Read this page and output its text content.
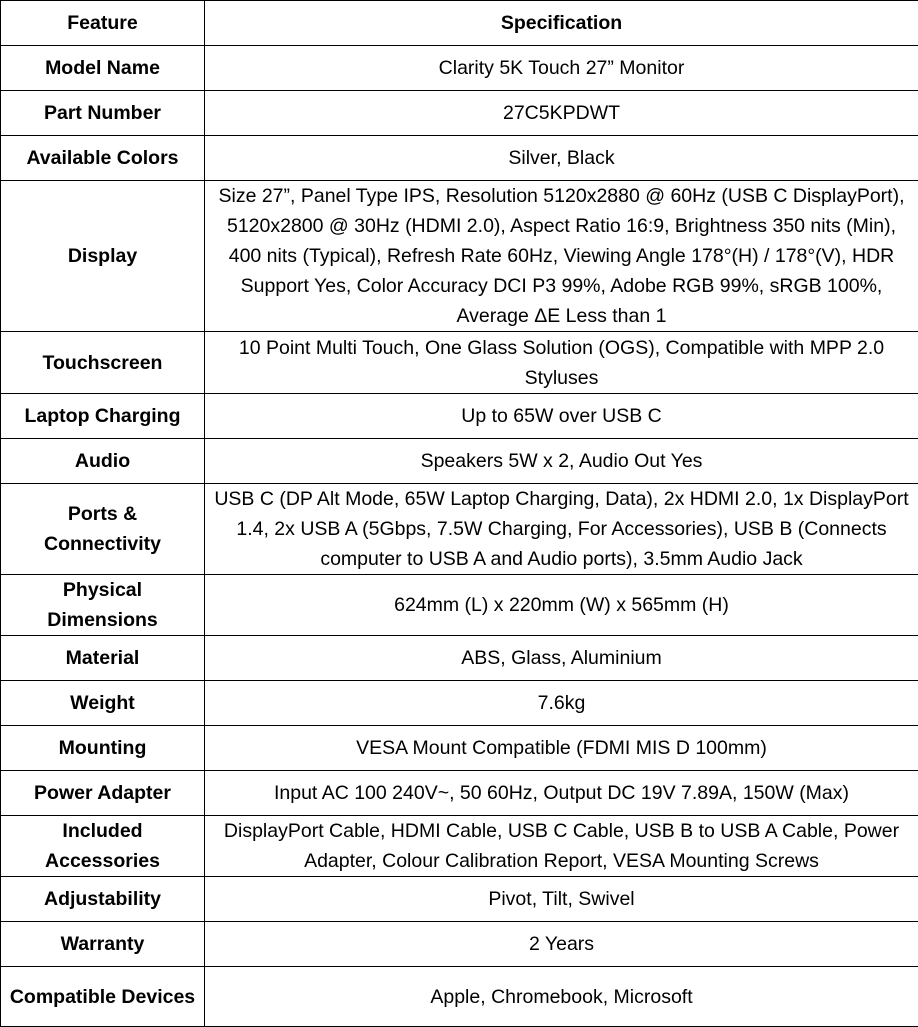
Feature	Specification
Model Name	Clarity 5K Touch 27” Monitor
Part Number	27C5KPDWT
Available Colors	Silver, Black
Display	Size 27”, Panel Type IPS, Resolution 5120x2880 @ 60Hz (USB C DisplayPort), 5120x2800 @ 30Hz (HDMI 2.0), Aspect Ratio 16:9, Brightness 350 nits (Min), 400 nits (Typical), Refresh Rate 60Hz, Viewing Angle 178°(H) / 178°(V), HDR Support Yes, Color Accuracy DCI P3 99%, Adobe RGB 99%, sRGB 100%, Average ΔE Less than 1
Touchscreen	10 Point Multi Touch, One Glass Solution (OGS), Compatible with MPP 2.0 Styluses
Laptop Charging	Up to 65W over USB C
Audio	Speakers 5W x 2, Audio Out Yes
Ports & Connectivity	USB C (DP Alt Mode, 65W Laptop Charging, Data), 2x HDMI 2.0, 1x DisplayPort 1.4, 2x USB A (5Gbps, 7.5W Charging, For Accessories), USB B (Connects computer to USB A and Audio ports), 3.5mm Audio Jack
Physical Dimensions	624mm (L) x 220mm (W) x 565mm (H)
Material	ABS, Glass, Aluminium
Weight	7.6kg
Mounting	VESA Mount Compatible (FDMI MIS D 100mm)
Power Adapter	Input AC 100 240V~, 50 60Hz, Output DC 19V 7.89A, 150W (Max)
Included Accessories	DisplayPort Cable, HDMI Cable, USB C Cable, USB B to USB A Cable, Power Adapter, Colour Calibration Report, VESA Mounting Screws
Adjustability	Pivot, Tilt, Swivel
Warranty	2 Years
Compatible Devices	Apple, Chromebook, Microsoft
